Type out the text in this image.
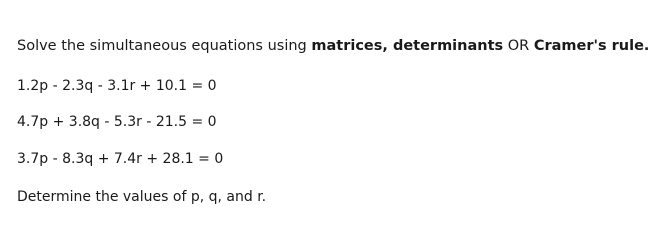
Solve the simultaneous equations using matrices, determinants OR Cramer's rule.
1.2p - 2.3q - 3.1r + 10.1 = 0
4.7p + 3.8q - 5.3r - 21.5 = 0
3.7p - 8.3q + 7.4r + 28.1 = 0
Determine the values of p, q, and r.
